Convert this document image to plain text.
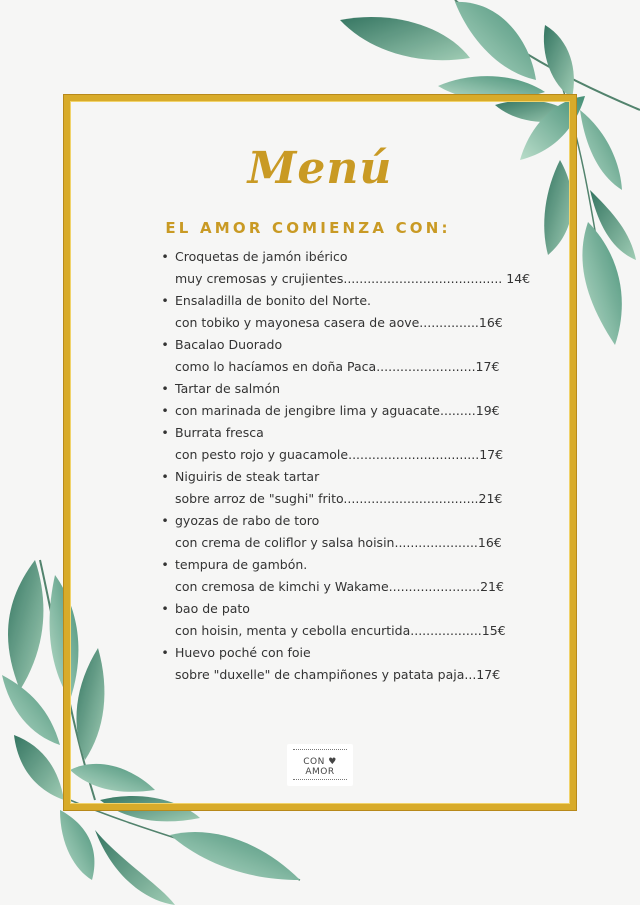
Menú
EL AMOR COMIENZA CON:
• Croquetas de jamón ibérico
muy cremosas y crujientes........................................ 14€
• Ensaladilla de bonito del Norte.
con tobiko y mayonesa casera de aove...............16€
• Bacalao Duorado
como lo hacíamos en doña Paca.........................17€
• Tartar de salmón
• con marinada de jengibre lima y aguacate.........19€
• Burrata fresca
con pesto rojo y guacamole.................................17€
• Niguiris de steak tartar
sobre arroz de "sughi" frito..................................21€
• gyozas de rabo de toro
con crema de coliflor y salsa hoisin.....................16€
• tempura de gambón.
con cremosa de kimchi y Wakame.......................21€
• bao de pato
con hoisin, menta y cebolla encurtida..................15€
• Huevo poché con foie
sobre "duxelle" de champiñones y patata paja...17€
CON ♥ AMOR
